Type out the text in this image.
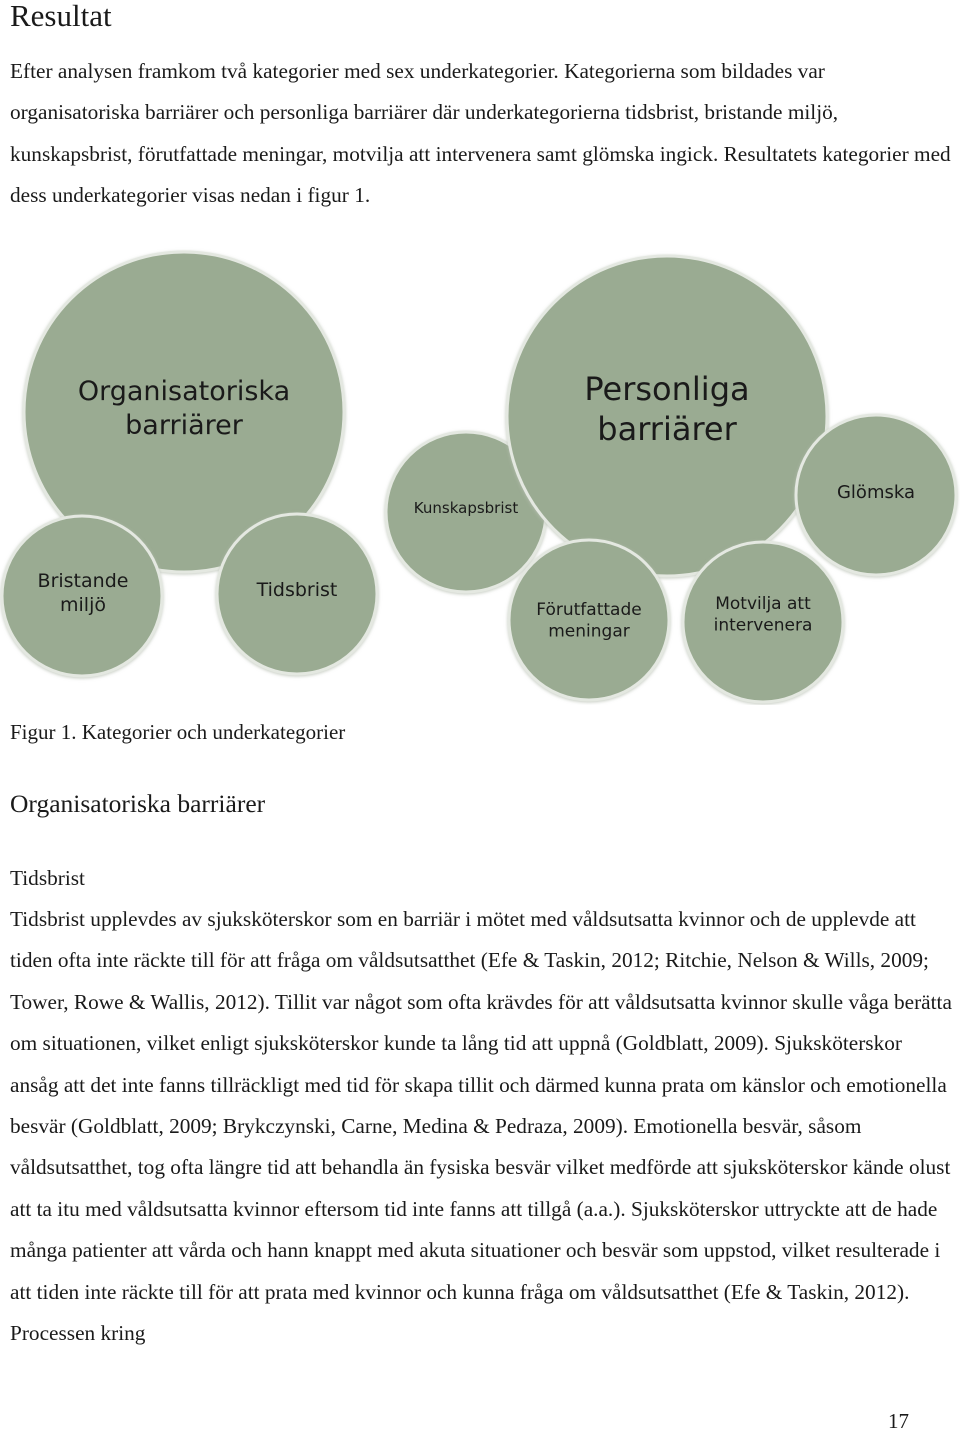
Resultat

Efter analysen framkom två kategorier med sex underkategorier. Kategorierna som bildades var organisatoriska barriärer och personliga barriärer där underkategorierna tidsbrist, bristande miljö, kunskapsbrist, förutfattade meningar, motvilja att intervenera samt glömska ingick. Resultatets kategorier med dess underkategorier visas nedan i figur 1.

Organisatoriska barriärer
Kunskapsbrist
Personliga barriärer
Glömska
Bristande miljö
Tidsbrist
Förutfattade meningar
Motvilja att intervenera

Figur 1. Kategorier och underkategorier

Organisatoriska barriärer
Tidsbrist

Tidsbrist upplevdes av sjuksköterskor som en barriär i mötet med våldsutsatta kvinnor och de upplevde att tiden ofta inte räckte till för att fråga om våldsutsatthet (Efe & Taskin, 2012; Ritchie, Nelson & Wills, 2009; Tower, Rowe & Wallis, 2012). Tillit var något som ofta krävdes för att våldsutsatta kvinnor skulle våga berätta om situationen, vilket enligt sjuksköterskor kunde ta lång tid att uppnå (Goldblatt, 2009). Sjuksköterskor ansåg att det inte fanns tillräckligt med tid för skapa tillit och därmed kunna prata om känslor och emotionella besvär (Goldblatt, 2009; Brykczynski, Carne, Medina & Pedraza, 2009). Emotionella besvär, såsom våldsutsatthet, tog ofta längre tid att behandla än fysiska besvär vilket medförde att sjuksköterskor kände olust att ta itu med våldsutsatta kvinnor eftersom tid inte fanns att tillgå (a.a.). Sjuksköterskor uttryckte att de hade många patienter att vårda och hann knappt med akuta situationer och besvär som uppstod, vilket resulterade i att tiden inte räckte till för att prata med kvinnor och kunna fråga om våldsutsatthet (Efe & Taskin, 2012). Processen kring

17
